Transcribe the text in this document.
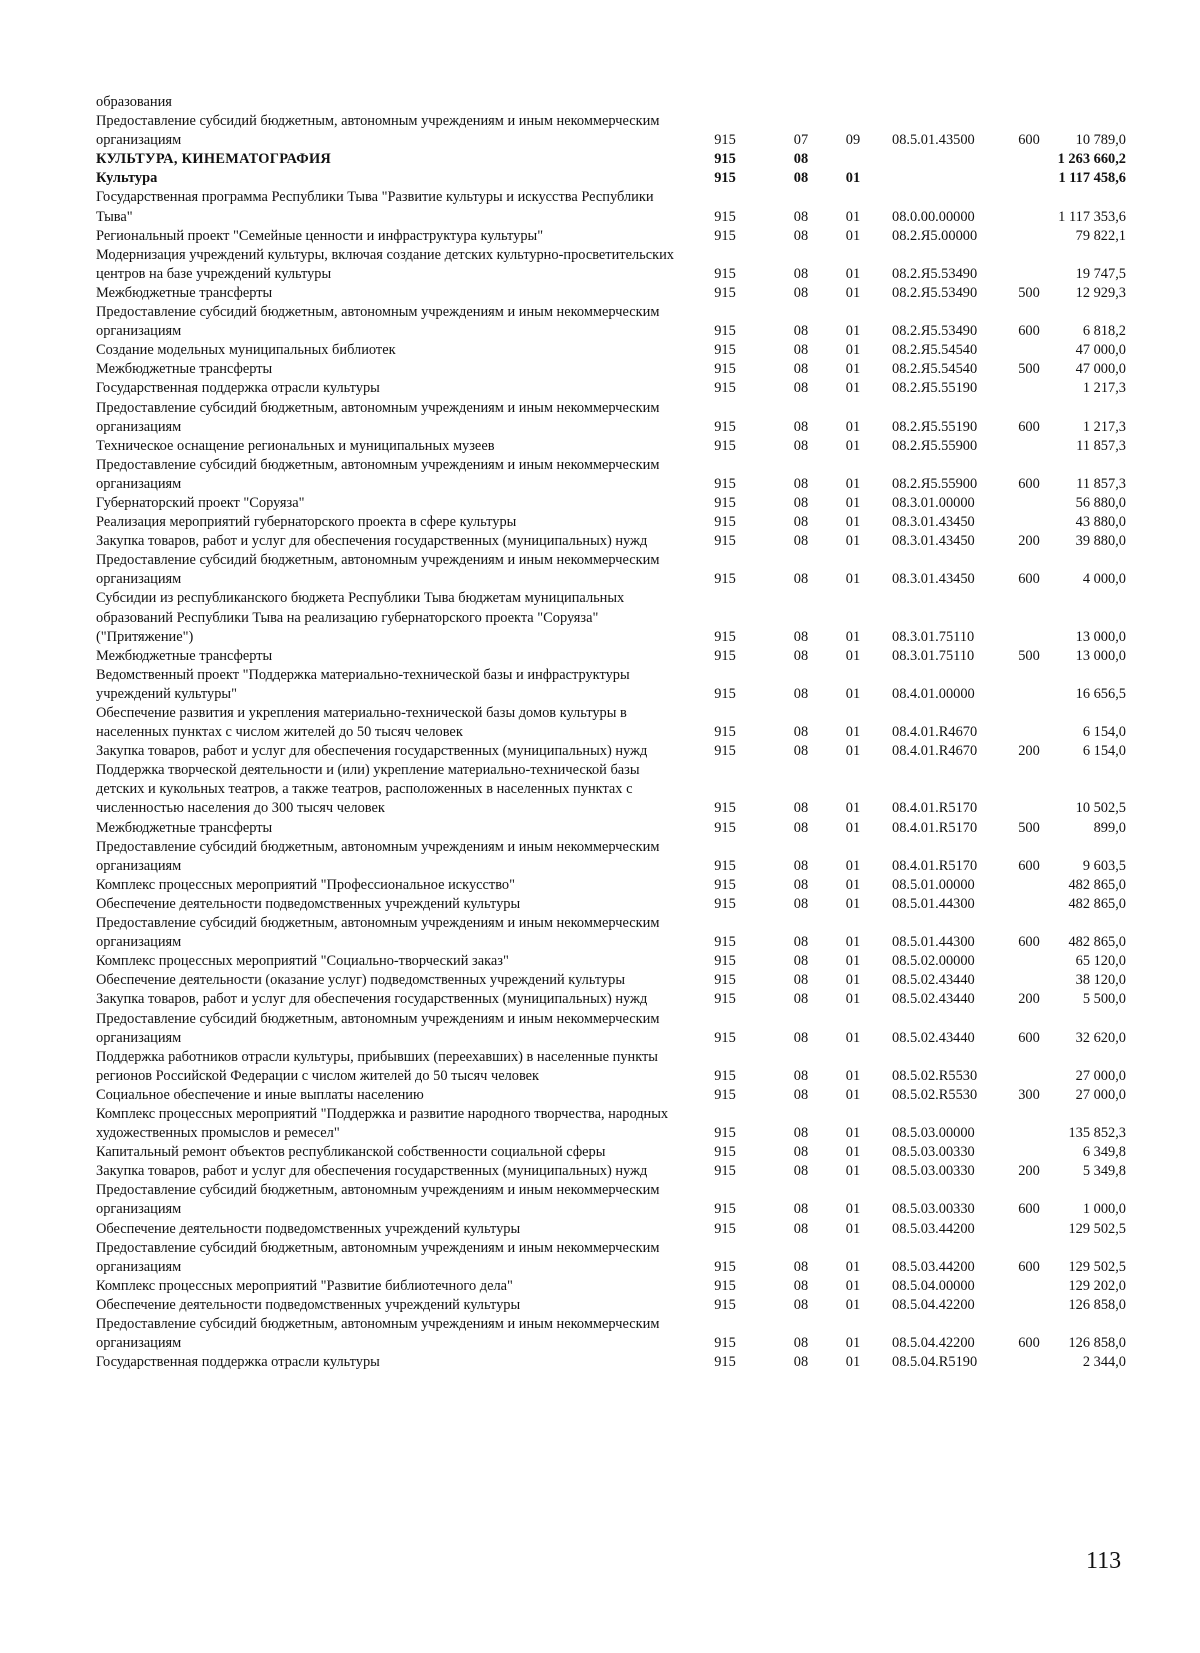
образования						
Предоставление субсидий бюджетным, автономным учреждениям и иным некоммерческим организациям	915	07	09	08.5.01.43500	600	10 789,0
КУЛЬТУРА, КИНЕМАТОГРАФИЯ	915	08				1 263 660,2
Культура	915	08	01			1 117 458,6
Государственная программа Республики Тыва "Развитие культуры и искусства Республики Тыва"	915	08	01	08.0.00.00000		1 117 353,6
Региональный проект "Семейные ценности и инфраструктура культуры"	915	08	01	08.2.Я5.00000		79 822,1
Модернизация учреждений культуры, включая создание детских культурно-просветительских центров на базе учреждений культуры	915	08	01	08.2.Я5.53490		19 747,5
Межбюджетные трансферты	915	08	01	08.2.Я5.53490	500	12 929,3
Предоставление субсидий бюджетным, автономным учреждениям и иным некоммерческим организациям	915	08	01	08.2.Я5.53490	600	6 818,2
Создание модельных муниципальных библиотек	915	08	01	08.2.Я5.54540		47 000,0
Межбюджетные трансферты	915	08	01	08.2.Я5.54540	500	47 000,0
Государственная поддержка отрасли культуры	915	08	01	08.2.Я5.55190		1 217,3
Предоставление субсидий бюджетным, автономным учреждениям и иным некоммерческим организациям	915	08	01	08.2.Я5.55190	600	1 217,3
Техническое оснащение региональных и муниципальных музеев	915	08	01	08.2.Я5.55900		11 857,3
Предоставление субсидий бюджетным, автономным учреждениям и иным некоммерческим организациям	915	08	01	08.2.Я5.55900	600	11 857,3
Губернаторский проект "Соруяза"	915	08	01	08.3.01.00000		56 880,0
Реализация мероприятий губернаторского проекта в сфере культуры	915	08	01	08.3.01.43450		43 880,0
Закупка товаров, работ и услуг для обеспечения государственных (муниципальных) нужд	915	08	01	08.3.01.43450	200	39 880,0
Предоставление субсидий бюджетным, автономным учреждениям и иным некоммерческим организациям	915	08	01	08.3.01.43450	600	4 000,0
Субсидии из республиканского бюджета Республики Тыва бюджетам муниципальных образований Республики Тыва на реализацию губернаторского проекта "Соруяза" ("Притяжение")	915	08	01	08.3.01.75110		13 000,0
Межбюджетные трансферты	915	08	01	08.3.01.75110	500	13 000,0
Ведомственный проект "Поддержка материально-технической базы и инфраструктуры учреждений культуры"	915	08	01	08.4.01.00000		16 656,5
Обеспечение развития и укрепления материально-технической базы домов культуры в населенных пунктах с числом жителей до 50 тысяч человек	915	08	01	08.4.01.R4670		6 154,0
Закупка товаров, работ и услуг для обеспечения государственных (муниципальных) нужд	915	08	01	08.4.01.R4670	200	6 154,0
Поддержка творческой деятельности и (или) укрепление материально-технической базы детских и кукольных театров, а также театров, расположенных в населенных пунктах с численностью населения до 300 тысяч человек	915	08	01	08.4.01.R5170		10 502,5
Межбюджетные трансферты	915	08	01	08.4.01.R5170	500	899,0
Предоставление субсидий бюджетным, автономным учреждениям и иным некоммерческим организациям	915	08	01	08.4.01.R5170	600	9 603,5
Комплекс процессных мероприятий "Профессиональное искусство"	915	08	01	08.5.01.00000		482 865,0
Обеспечение деятельности подведомственных учреждений культуры	915	08	01	08.5.01.44300		482 865,0
Предоставление субсидий бюджетным, автономным учреждениям и иным некоммерческим организациям	915	08	01	08.5.01.44300	600	482 865,0
Комплекс процессных мероприятий "Социально-творческий заказ"	915	08	01	08.5.02.00000		65 120,0
Обеспечение деятельности (оказание услуг) подведомственных учреждений культуры	915	08	01	08.5.02.43440		38 120,0
Закупка товаров, работ и услуг для обеспечения государственных (муниципальных) нужд	915	08	01	08.5.02.43440	200	5 500,0
Предоставление субсидий бюджетным, автономным учреждениям и иным некоммерческим организациям	915	08	01	08.5.02.43440	600	32 620,0
Поддержка работников отрасли культуры, прибывших (переехавших) в населенные пункты регионов Российской Федерации с числом жителей до 50 тысяч человек	915	08	01	08.5.02.R5530		27 000,0
Социальное обеспечение и иные выплаты населению	915	08	01	08.5.02.R5530	300	27 000,0
Комплекс процессных мероприятий "Поддержка и развитие народного творчества, народных художественных промыслов и ремесел"	915	08	01	08.5.03.00000		135 852,3
Капитальный ремонт объектов республиканской собственности социальной сферы	915	08	01	08.5.03.00330		6 349,8
Закупка товаров, работ и услуг для обеспечения государственных (муниципальных) нужд	915	08	01	08.5.03.00330	200	5 349,8
Предоставление субсидий бюджетным, автономным учреждениям и иным некоммерческим организациям	915	08	01	08.5.03.00330	600	1 000,0
Обеспечение деятельности подведомственных учреждений культуры	915	08	01	08.5.03.44200		129 502,5
Предоставление субсидий бюджетным, автономным учреждениям и иным некоммерческим организациям	915	08	01	08.5.03.44200	600	129 502,5
Комплекс процессных мероприятий "Развитие библиотечного дела"	915	08	01	08.5.04.00000		129 202,0
Обеспечение деятельности подведомственных учреждений культуры	915	08	01	08.5.04.42200		126 858,0
Предоставление субсидий бюджетным, автономным учреждениям и иным некоммерческим организациям	915	08	01	08.5.04.42200	600	126 858,0
Государственная поддержка отрасли культуры	915	08	01	08.5.04.R5190		2 344,0
113
